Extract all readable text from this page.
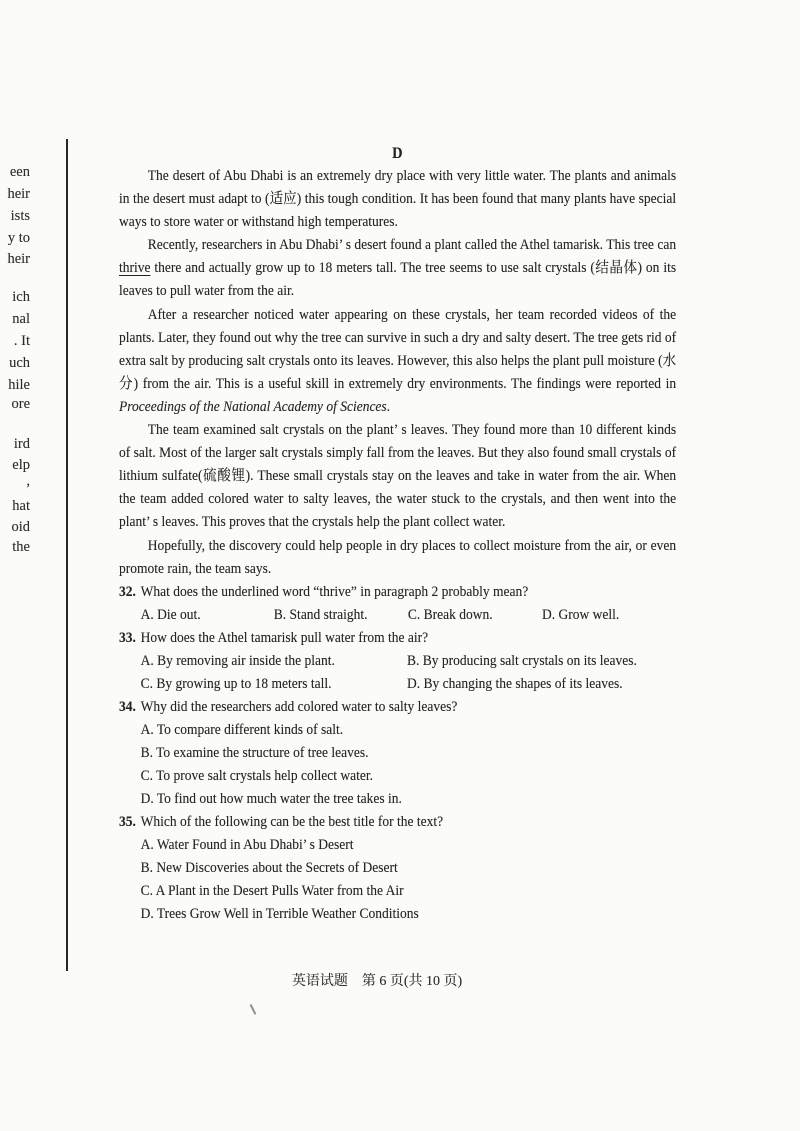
een
heir
ists
y to
heir
ich
nal
. It
uch
hile
ore
ird
elp
,
hat
oid
the
D

The desert of Abu Dhabi is an extremely dry place with very little water. The plants and animals in the desert must adapt to (适应) this tough condition. It has been found that many plants have special ways to store water or withstand high temperatures.

Recently, researchers in Abu Dhabi’ s desert found a plant called the Athel tamarisk. This tree can thrive there and actually grow up to 18 meters tall. The tree seems to use salt crystals (结晶体) on its leaves to pull water from the air.

After a researcher noticed water appearing on these crystals, her team recorded videos of the plants. Later, they found out why the tree can survive in such a dry and salty desert. The tree gets rid of extra salt by producing salt crystals onto its leaves. However, this also helps the plant pull moisture (水分) from the air. This is a useful skill in extremely dry environments. The findings were reported in Proceedings of the National Academy of Sciences.

The team examined salt crystals on the plant’ s leaves. They found more than 10 different kinds of salt. Most of the larger salt crystals simply fall from the leaves. But they also found small crystals of lithium sulfate(硫酸锂). These small crystals stay on the leaves and take in water from the air. When the team added colored water to salty leaves, the water stuck to the crystals, and then went into the plant’ s leaves. This proves that the crystals help the plant collect water.

Hopefully, the discovery could help people in dry places to collect moisture from the air, or even promote rain, the team says.

32. What does the underlined word “thrive” in paragraph 2 probably mean?
A. Die out.	B. Stand straight.	C. Break down.	D. Grow well.
33. How does the Athel tamarisk pull water from the air?
A. By removing air inside the plant.	B. By producing salt crystals on its leaves.
C. By growing up to 18 meters tall.	D. By changing the shapes of its leaves.
34. Why did the researchers add colored water to salty leaves?
A. To compare different kinds of salt.
B. To examine the structure of tree leaves.
C. To prove salt crystals help collect water.
D. To find out how much water the tree takes in.
35. Which of the following can be the best title for the text?
A. Water Found in Abu Dhabi’ s Desert
B. New Discoveries about the Secrets of Desert
C. A Plant in the Desert Pulls Water from the Air
D. Trees Grow Well in Terrible Weather Conditions
英语试题　第 6 页(共 10 页)
